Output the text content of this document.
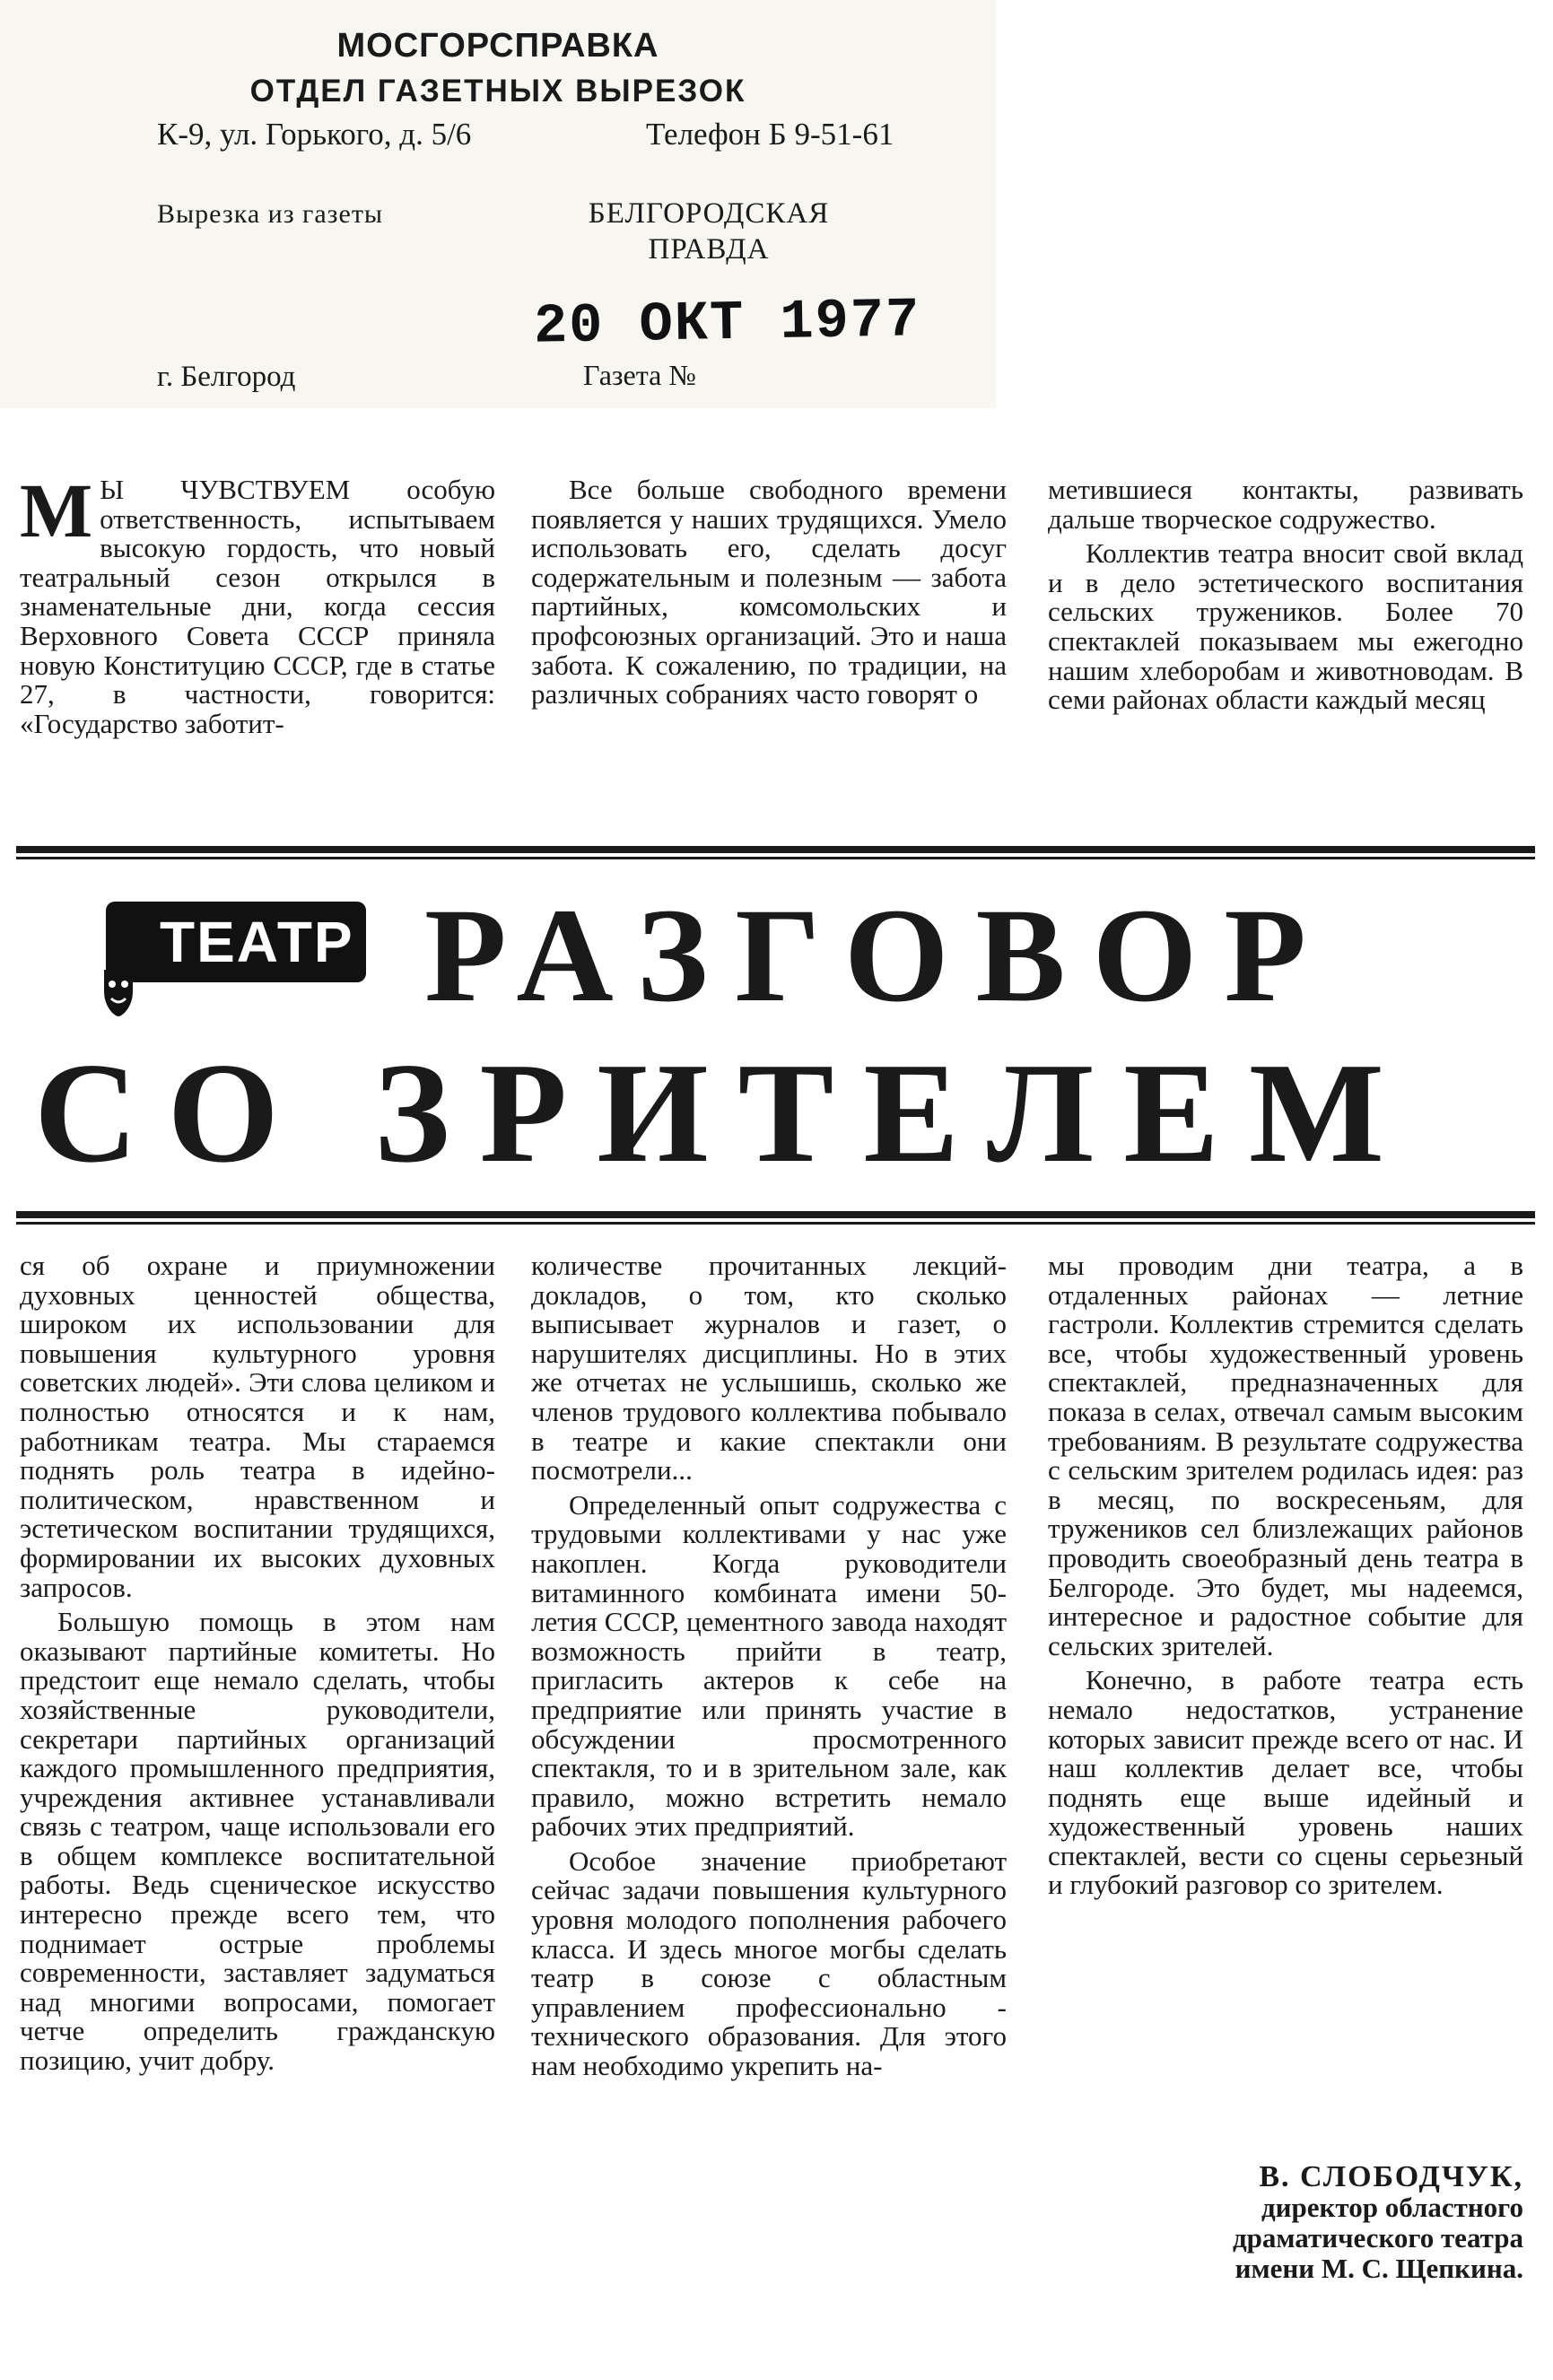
МОСГОРСПРАВКА
ОТДЕЛ ГАЗЕТНЫХ ВЫРЕЗОК
К-9, ул. Горького, д. 5/6	Телефон Б 9-51-61
Вырезка из газеты	БЕЛГОРОДСКАЯ ПРАВДА
20 ОКТ 1977
г. Белгород	Газета №

М Ы ЧУВСТВУЕМ особую ответственность, испытываем высокую гордость, что новый театральный сезон открылся в знаменательные дни, когда сессия Верховного Совета СССР приняла новую Конституцию СССР, где в статье 27, в частности, говорится: «Государство заботит-

Все больше свободного времени появляется у наших трудящихся. Умело использовать его, сделать досуг содержательным и полезным — забота партийных, комсомольских и профсоюзных организаций. Это и наша забота. К сожалению, по традиции, на различных собраниях часто говорят о

метившиеся контакты, развивать дальше творческое содружество.

Коллектив театра вносит свой вклад и в дело эстетического воспитания сельских тружеников. Более 70 спектаклей показываем мы ежегодно нашим хлеборобам и животноводам. В семи районах области каждый месяц

ТЕАТР РАЗГОВОР
СО ЗРИТЕЛЕМ

ся об охране и приумножении духовных ценностей общества, широком их использовании для повышения культурного уровня советских людей». Эти слова целиком и полностью относятся и к нам, работникам театра. Мы стараемся поднять роль театра в идейно-политическом, нравственном и эстетическом воспитании трудящихся, формировании их высоких духовных запросов.

Большую помощь в этом нам оказывают партийные комитеты. Но предстоит еще немало сделать, чтобы хозяйственные руководители, секретари партийных организаций каждого промышленного предприятия, учреждения активнее устанавливали связь с театром, чаще использовали его в общем комплексе воспитательной работы. Ведь сценическое искусство интересно прежде всего тем, что поднимает острые проблемы современности, заставляет задуматься над многими вопросами, помогает четче определить гражданскую позицию, учит добру.

количестве прочитанных лекций-докладов, о том, кто сколько выписывает журналов и газет, о нарушителях дисциплины. Но в этих же отчетах не услышишь, сколько же членов трудового коллектива побывало в театре и какие спектакли они посмотрели...

Определенный опыт содружества с трудовыми коллективами у нас уже накоплен. Когда руководители витаминного комбината имени 50-летия СССР, цементного завода находят возможность прийти в театр, пригласить актеров к себе на предприятие или принять участие в обсуждении просмотренного спектакля, то и в зрительном зале, как правило, можно встретить немало рабочих этих предприятий.

Особое значение приобретают сейчас задачи повышения культурного уровня молодого пополнения рабочего класса. И здесь многое могбы сделать театр в союзе с областным управлением профессионально - технического образования. Для этого нам необходимо укрепить на-

мы проводим дни театра, а в отдаленных районах — летние гастроли. Коллектив стремится сделать все, чтобы художественный уровень спектаклей, предназначенных для показа в селах, отвечал самым высоким требованиям. В результате содружества с сельским зрителем родилась идея: раз в месяц, по воскресеньям, для тружеников сел близлежащих районов проводить своеобразный день театра в Белгороде. Это будет, мы надеемся, интересное и радостное событие для сельских зрителей.

Конечно, в работе театра есть немало недостатков, устранение которых зависит прежде всего от нас. И наш коллектив делает все, чтобы поднять еще выше идейный и художественный уровень наших спектаклей, вести со сцены серьезный и глубокий разговор со зрителем.

В. СЛОБОДЧУК,
директор областного
драматического театра
имени М. С. Щепкина.
